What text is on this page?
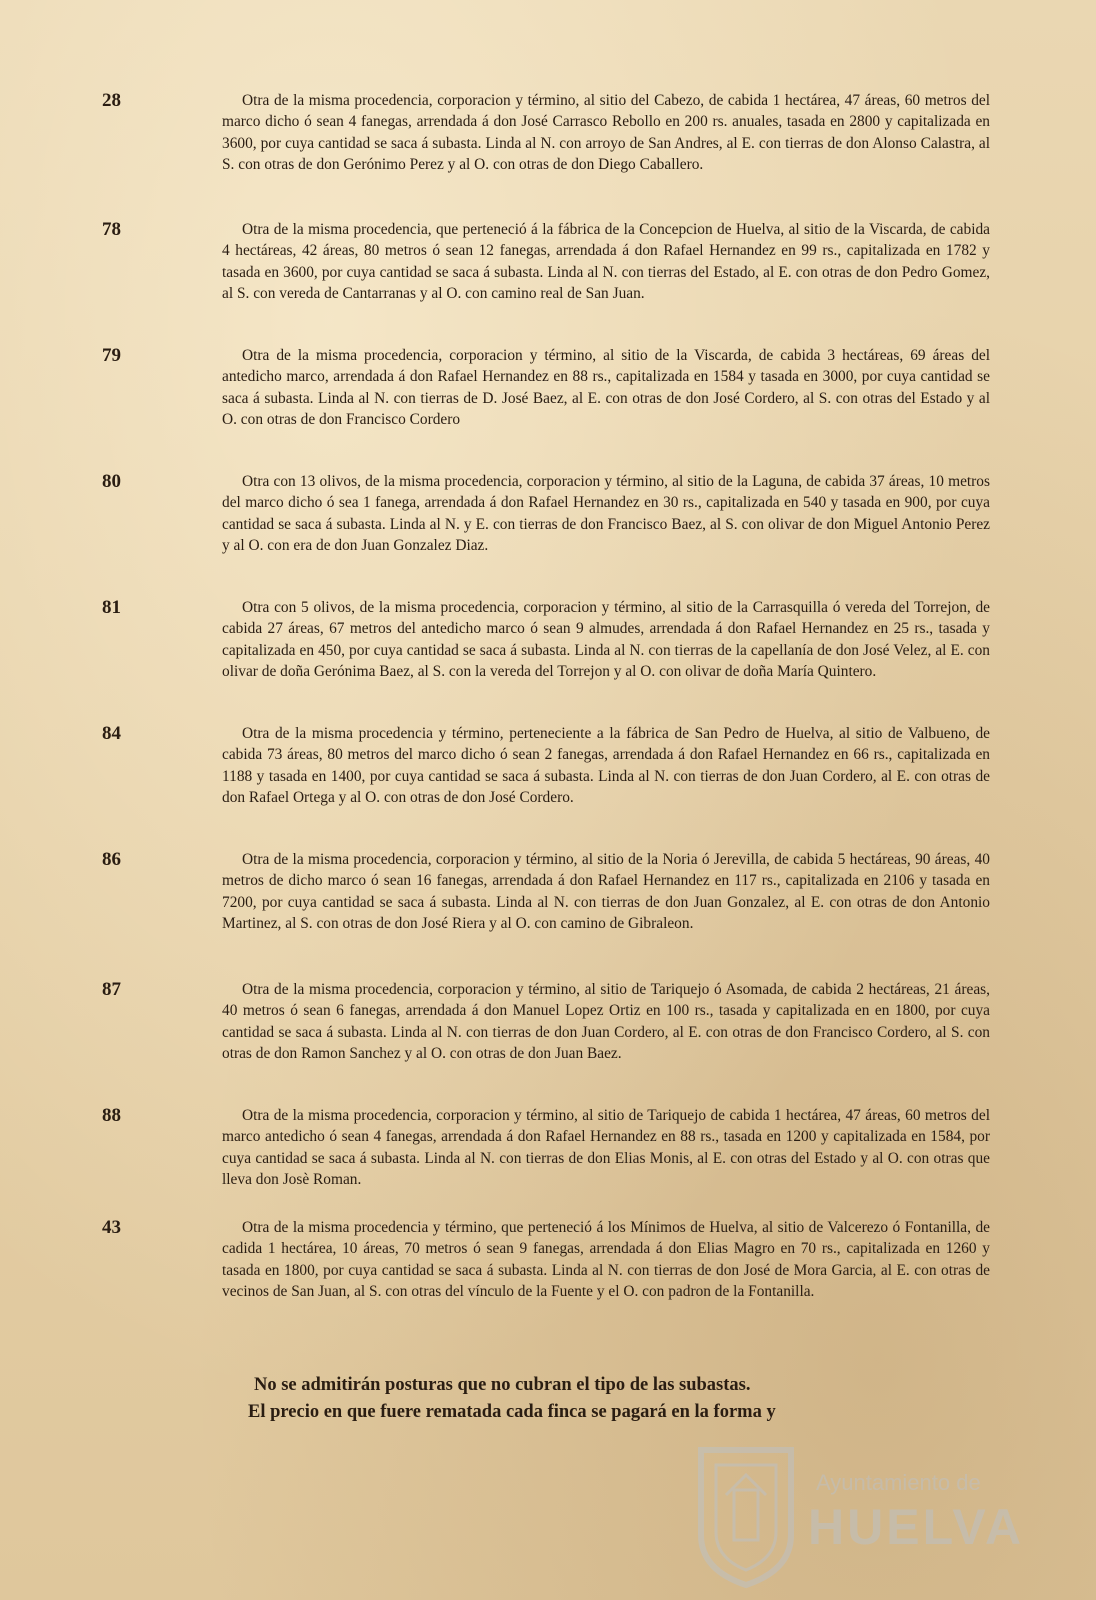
28	Otra de la misma procedencia, corporacion y término, al sitio del Cabezo, de cabida 1 hectárea, 47 áreas, 60 metros del marco dicho ó sean 4 fanegas, arrendada á don José Carrasco Rebollo en 200 rs. anuales, tasada en 2800 y capitalizada en 3600, por cuya cantidad se saca á subasta. Linda al N. con arroyo de San Andres, al E. con tierras de don Alonso Calastra, al S. con otras de don Gerónimo Perez y al O. con otras de don Diego Caballero.

78	Otra de la misma procedencia, que perteneció á la fábrica de la Concepcion de Huelva, al sitio de la Viscarda, de cabida 4 hectáreas, 42 áreas, 80 metros ó sean 12 fanegas, arrendada á don Rafael Hernandez en 99 rs., capitalizada en 1782 y tasada en 3600, por cuya cantidad se saca á subasta. Linda al N. con tierras del Estado, al E. con otras de don Pedro Gomez, al S. con vereda de Cantarranas y al O. con camino real de San Juan.

79	Otra de la misma procedencia, corporacion y término, al sitio de la Viscarda, de cabida 3 hectáreas, 69 áreas del antedicho marco, arrendada á don Rafael Hernandez en 88 rs., capitalizada en 1584 y tasada en 3000, por cuya cantidad se saca á subasta. Linda al N. con tierras de D. José Baez, al E. con otras de don José Cordero, al S. con otras del Estado y al O. con otras de don Francisco Cordero

80	Otra con 13 olivos, de la misma procedencia, corporacion y término, al sitio de la Laguna, de cabida 37 áreas, 10 metros del marco dicho ó sea 1 fanega, arrendada á don Rafael Hernandez en 30 rs., capitalizada en 540 y tasada en 900, por cuya cantidad se saca á subasta. Linda al N. y E. con tierras de don Francisco Baez, al S. con olivar de don Miguel Antonio Perez y al O. con era de don Juan Gonzalez Diaz.

81	Otra con 5 olivos, de la misma procedencia, corporacion y término, al sitio de la Carrasquilla ó vereda del Torrejon, de cabida 27 áreas, 67 metros del antedicho marco ó sean 9 almudes, arrendada á don Rafael Hernandez en 25 rs., tasada y capitalizada en 450, por cuya cantidad se saca á subasta. Linda al N. con tierras de la capellanía de don José Velez, al E. con olivar de doña Gerónima Baez, al S. con la vereda del Torrejon y al O. con olivar de doña María Quintero.

84	Otra de la misma procedencia y término, perteneciente a la fábrica de San Pedro de Huelva, al sitio de Valbueno, de cabida 73 áreas, 80 metros del marco dicho ó sean 2 fanegas, arrendada á don Rafael Hernandez en 66 rs., capitalizada en 1188 y tasada en 1400, por cuya cantidad se saca á subasta. Linda al N. con tierras de don Juan Cordero, al E. con otras de don Rafael Ortega y al O. con otras de don José Cordero.

86	Otra de la misma procedencia, corporacion y término, al sitio de la Noria ó Jerevilla, de cabida 5 hectáreas, 90 áreas, 40 metros de dicho marco ó sean 16 fanegas, arrendada á don Rafael Hernandez en 117 rs., capitalizada en 2106 y tasada en 7200, por cuya cantidad se saca á subasta. Linda al N. con tierras de don Juan Gonzalez, al E. con otras de don Antonio Martinez, al S. con otras de don José Riera y al O. con camino de Gibraleon.

87	Otra de la misma procedencia, corporacion y término, al sitio de Tariquejo ó Asomada, de cabida 2 hectáreas, 21 áreas, 40 metros ó sean 6 fanegas, arrendada á don Manuel Lopez Ortiz en 100 rs., tasada y capitalizada en en 1800, por cuya cantidad se saca á subasta. Linda al N. con tierras de don Juan Cordero, al E. con otras de don Francisco Cordero, al S. con otras de don Ramon Sanchez y al O. con otras de don Juan Baez.

88	Otra de la misma procedencia, corporacion y término, al sitio de Tariquejo de cabida 1 hectárea, 47 áreas, 60 metros del marco antedicho ó sean 4 fanegas, arrendada á don Rafael Hernandez en 88 rs., tasada en 1200 y capitalizada en 1584, por cuya cantidad se saca á subasta. Linda al N. con tierras de don Elias Monis, al E. con otras del Estado y al O. con otras que lleva don Josè Roman.

43	Otra de la misma procedencia y término, que perteneció á los Mínimos de Huelva, al sitio de Valcerezo ó Fontanilla, de cadida 1 hectárea, 10 áreas, 70 metros ó sean 9 fanegas, arrendada á don Elias Magro en 70 rs., capitalizada en 1260 y tasada en 1800, por cuya cantidad se saca á subasta. Linda al N. con tierras de don José de Mora Garcia, al E. con otras de vecinos de San Juan, al S. con otras del vínculo de la Fuente y el O. con padron de la Fontanilla.

No se admitirán posturas que no cubran el tipo de las subastas.

El precio en que fuere rematada cada finca se pagará en la forma y

Ayuntamiento de
HUELVA
